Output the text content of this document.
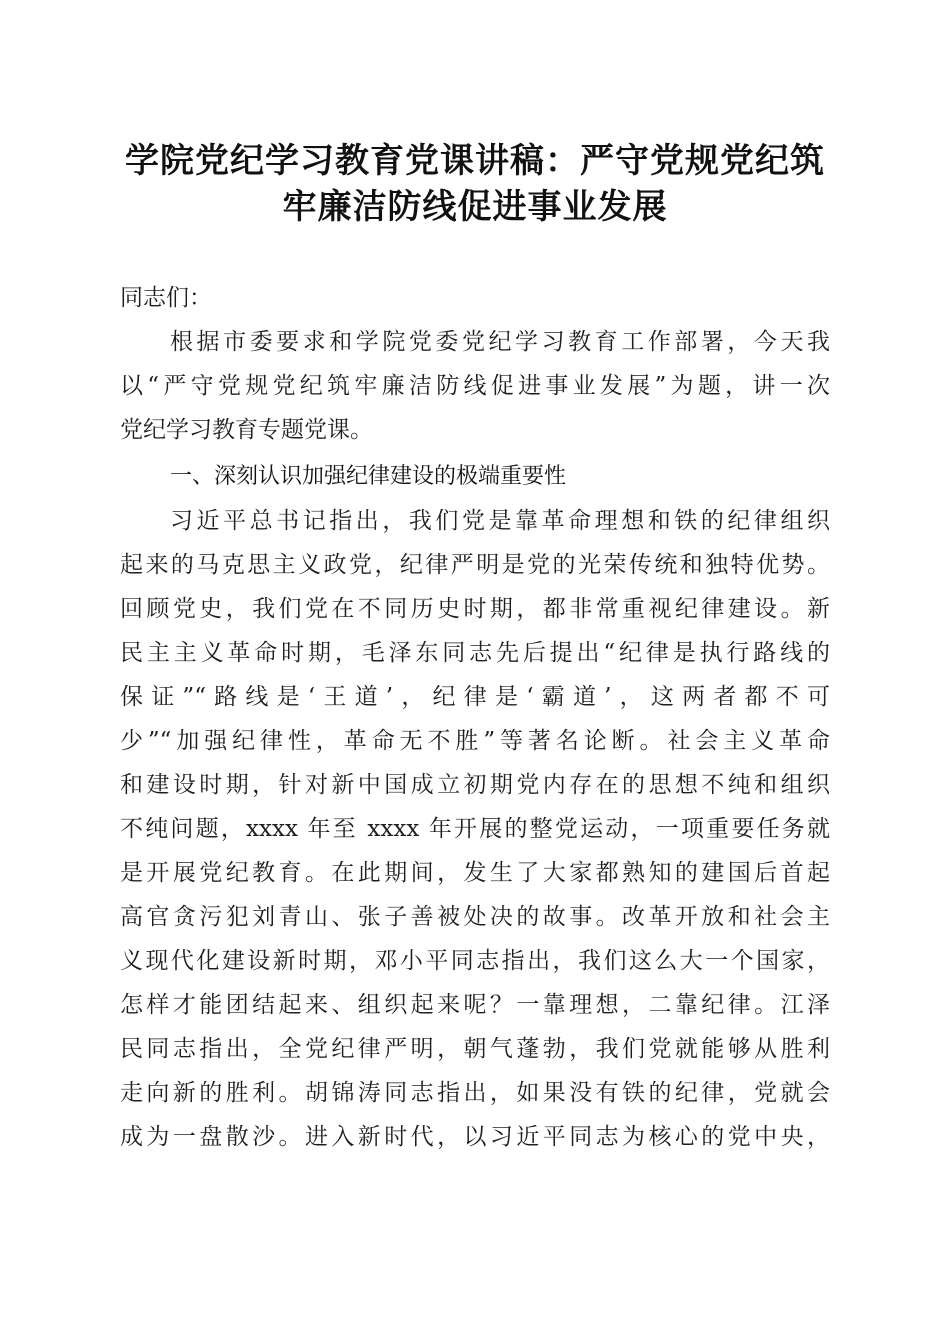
学院党纪学习教育党课讲稿：严守党规党纪筑
牢廉洁防线促进事业发展
同志们：
根据市委要求和学院党委党纪学习教育工作部署，今天我
以“严守党规党纪筑牢廉洁防线促进事业发展”为题，讲一次
党纪学习教育专题党课。
一、深刻认识加强纪律建设的极端重要性
习近平总书记指出，我们党是靠革命理想和铁的纪律组织
起来的马克思主义政党，纪律严明是党的光荣传统和独特优势。
回顾党史，我们党在不同历史时期，都非常重视纪律建设。新
民主主义革命时期，毛泽东同志先后提出“纪律是执行路线的
保证”“路线是‘王道’，纪律是‘霸道’，这两者都不可
少”“加强纪律性，革命无不胜”等著名论断。社会主义革命
和建设时期，针对新中国成立初期党内存在的思想不纯和组织
不纯问题，xxxx 年至 xxxx 年开展的整党运动，一项重要任务就
是开展党纪教育。在此期间，发生了大家都熟知的建国后首起
高官贪污犯刘青山、张子善被处决的故事。改革开放和社会主
义现代化建设新时期，邓小平同志指出，我们这么大一个国家，
怎样才能团结起来、组织起来呢？一靠理想，二靠纪律。江泽
民同志指出，全党纪律严明，朝气蓬勃，我们党就能够从胜利
走向新的胜利。胡锦涛同志指出，如果没有铁的纪律，党就会
成为一盘散沙。进入新时代，以习近平同志为核心的党中央，
